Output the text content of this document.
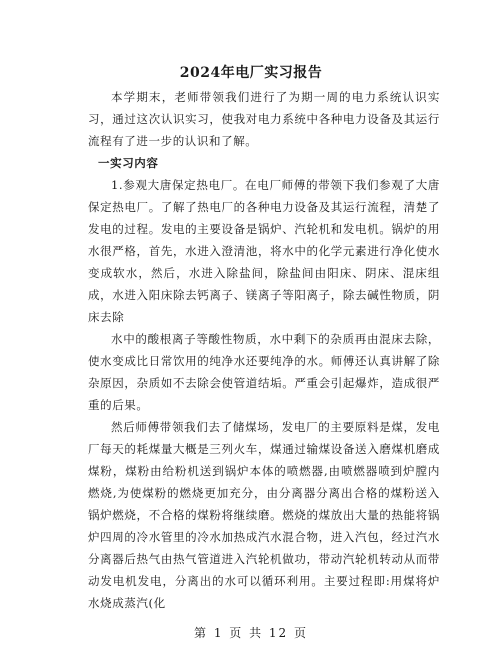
2024年电厂实习报告

本学期末，老师带领我们进行了为期一周的电力系统认识实习，通过这次认识实习，使我对电力系统中各种电力设备及其运行流程有了进一步的认识和了解。

一实习内容

1.参观大唐保定热电厂。在电厂师傅的带领下我们参观了大唐保定热电厂。了解了热电厂的各种电力设备及其运行流程，清楚了发电的过程。发电的主要设备是锅炉、汽轮机和发电机。锅炉的用水很严格，首先，水进入澄清池，将水中的化学元素进行净化使水变成软水，然后，水进入除盐间，除盐间由阳床、阴床、混床组成，水进入阳床除去钙离子、镁离子等阳离子，除去碱性物质，阴床去除

水中的酸根离子等酸性物质，水中剩下的杂质再由混床去除，使水变成比日常饮用的纯净水还要纯净的水。师傅还认真讲解了除杂原因，杂质如不去除会使管道结垢。严重会引起爆炸，造成很严重的后果。

然后师傅带领我们去了储煤场，发电厂的主要原料是煤，发电厂每天的耗煤量大概是三列火车，煤通过输煤设备送入磨煤机磨成煤粉，煤粉由给粉机送到锅炉本体的喷燃器,由喷燃器喷到炉膛内燃烧,为使煤粉的燃烧更加充分，由分离器分离出合格的煤粉送入锅炉燃烧，不合格的煤粉将继续磨。燃烧的煤放出大量的热能将锅炉四周的冷水管里的冷水加热成汽水混合物，进入汽包，经过汽水分离器后热气由热气管道进入汽轮机做功，带动汽轮机转动从而带动发电机发电，分离出的水可以循环利用。主要过程即:用煤将炉水烧成蒸汽(化

第 1 页 共 12 页
